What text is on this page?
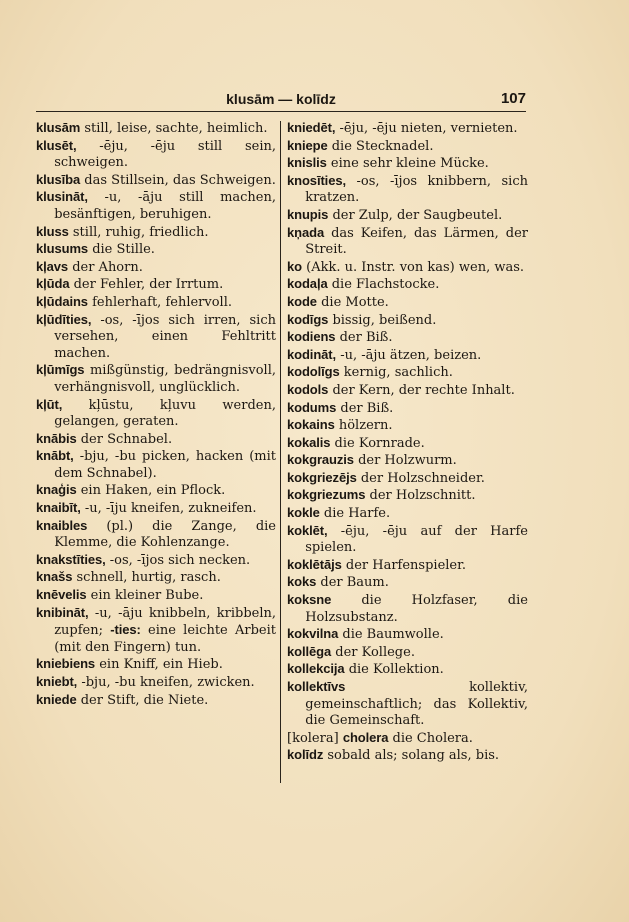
klusām — kolīdz	107

klusām still, leise, sachte, heimlich.

klusēt, -ēju, -ēju still sein, schweigen.

klusība das Stillsein, das Schweigen.

klusināt, -u, -āju still machen, besänftigen, beruhigen.

kluss still, ruhig, friedlich.

klusums die Stille.

kļavs der Ahorn.

kļūda der Fehler, der Irrtum.

kļūdains fehlerhaft, fehlervoll.

kļūdīties, -os, -ījos sich irren, sich versehen, einen Fehltritt machen.

kļūmīgs mißgünstig, bedrängnisvoll, verhängnisvoll, unglücklich.

kļūt, kļūstu, kļuvu werden, gelangen, geraten.

knābis der Schnabel.

knābt, -bju, -bu picken, hacken (mit dem Schnabel).

knaģis ein Haken, ein Pflock.

knaibīt, -u, -īju kneifen, zukneifen.

knaibles (pl.) die Zange, die Klemme, die Kohlenzange.

knakstīties, -os, -ījos sich necken.

knašs schnell, hurtig, rasch.

knēvelis ein kleiner Bube.

knibināt, -u, -āju knibbeln, kribbeln, zupfen; -ties: eine leichte Arbeit (mit den Fingern) tun.

kniebiens ein Kniff, ein Hieb.

kniebt, -bju, -bu kneifen, zwicken.

kniede der Stift, die Niete.

kniedēt, -ēju, -ēju nieten, vernieten.

kniepe die Stecknadel.

knislis eine sehr kleine Mücke.

knosīties, -os, -ījos knibbern, sich kratzen.

knupis der Zulp, der Saugbeutel.

kņada das Keifen, das Lärmen, der Streit.

ko (Akk. u. Instr. von kas) wen, was.

kodaļa die Flachstocke.

kode die Motte.

kodīgs bissig, beißend.

kodiens der Biß.

kodināt, -u, -āju ätzen, beizen.

kodolīgs kernig, sachlich.

kodols der Kern, der rechte Inhalt.

kodums der Biß.

kokains hölzern.

kokalis die Kornrade.

kokgrauzis der Holzwurm.

kokgriezējs der Holzschneider.

kokgriezums der Holzschnitt.

kokle die Harfe.

koklēt, -ēju, -ēju auf der Harfe spielen.

koklētājs der Harfenspieler.

koks der Baum.

koksne die Holzfaser, die Holzsubstanz.

kokvilna die Baumwolle.

kollēga der Kollege.

kollekcija die Kollektion.

kollektīvs	kollektiv, gemeinschaftlich; das Kollektiv, die Gemeinschaft.

[kolera] cholera die Cholera.

kolīdz sobald als; solang als, bis.
